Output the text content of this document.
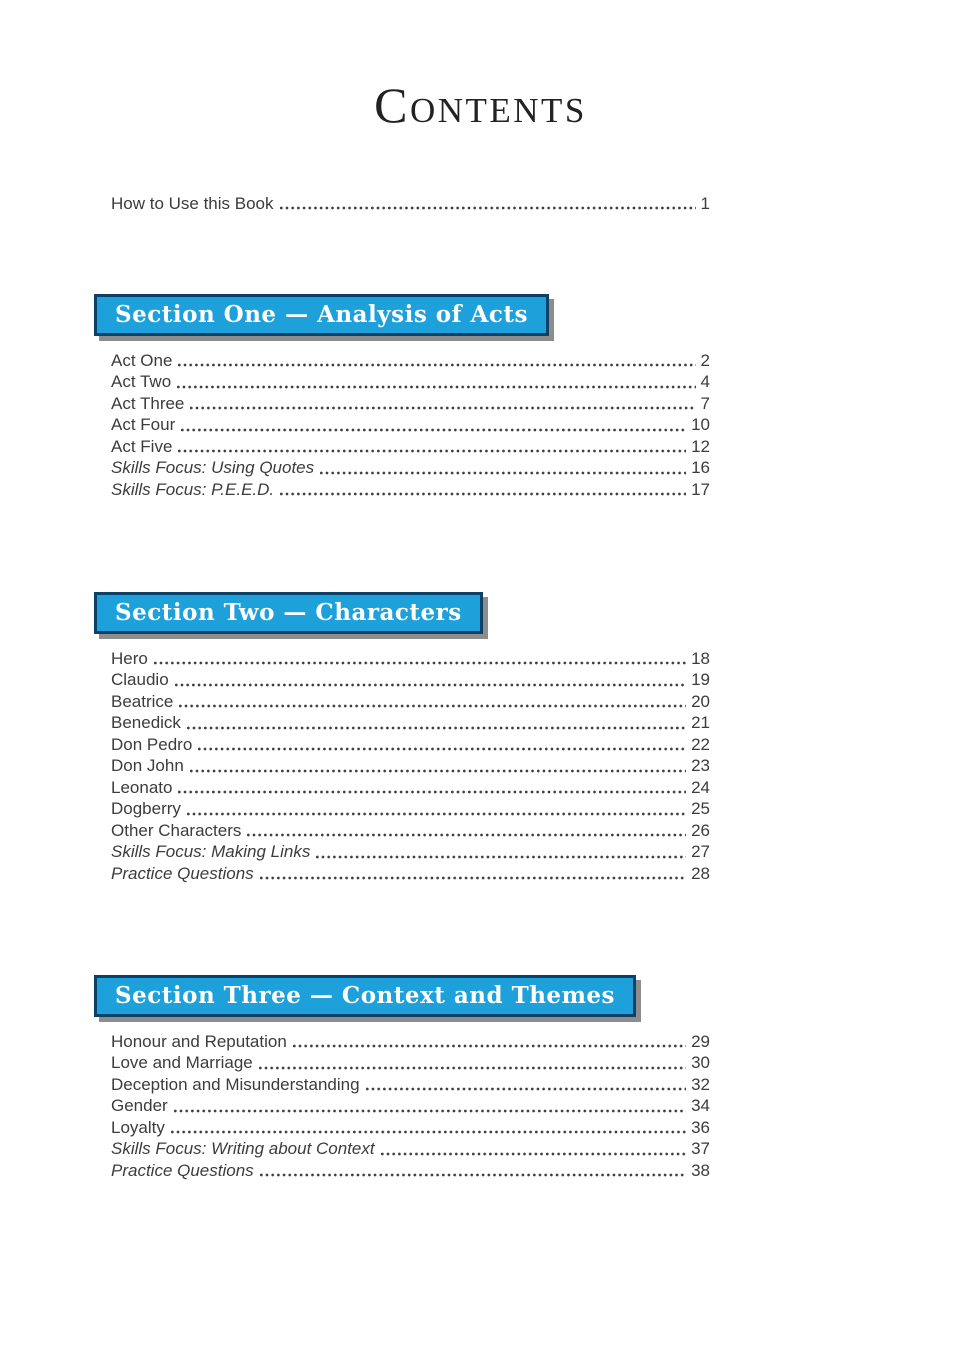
CONTENTS
How to Use this Book	1
Section One — Analysis of Acts
Act One	2
Act Two	4
Act Three	7
Act Four	10
Act Five	12
Skills Focus: Using Quotes	16
Skills Focus: P.E.E.D.	17
Section Two — Characters
Hero	18
Claudio	19
Beatrice	20
Benedick	21
Don Pedro	22
Don John	23
Leonato	24
Dogberry	25
Other Characters	26
Skills Focus: Making Links	27
Practice Questions	28
Section Three — Context and Themes
Honour and Reputation	29
Love and Marriage	30
Deception and Misunderstanding	32
Gender	34
Loyalty	36
Skills Focus: Writing about Context	37
Practice Questions	38
